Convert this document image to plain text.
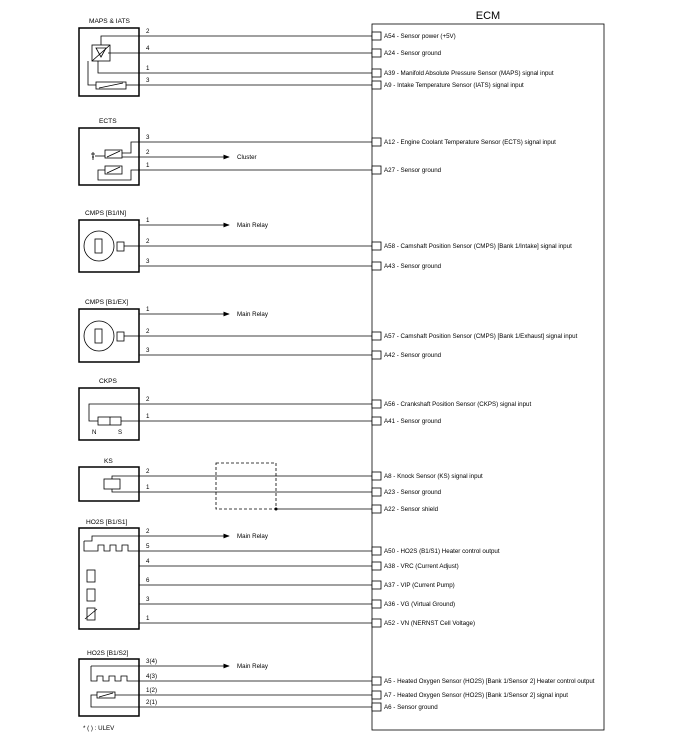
ECM
MAPS & IATS
ECTS
CMPS [B1/IN]
CMPS [B1/EX]
CKPS
N	S
KS
HO2S [B1/S1]
HO2S [B1/S2]
* ( ) : ULEV
A54 - Sensor power (+5V)
2
A24 - Sensor ground
4
A39 - Manifold Absolute Pressure Sensor (MAPS) signal input
1
A9 - Intake Temperature Sensor (IATS) signal input
3
A12 - Engine Coolant Temperature Sensor (ECTS) signal input
3
Cluster
2
A27 - Sensor ground
1
Main Relay
1
A58 - Camshaft Position Sensor (CMPS) [Bank 1/Intake] signal input
2
A43 - Sensor ground
3
Main Relay
1
A57 - Camshaft Position Sensor (CMPS) [Bank 1/Exhaust] signal input
2
A42 - Sensor ground
3
A56 - Crankshaft Position Sensor (CKPS) signal input
2
A41 - Sensor ground
1
A8 - Knock Sensor (KS) signal input
2
A23 - Sensor ground
1
A22 - Sensor shield
Main Relay
2
A50 - HO2S (B1/S1) Heater control output
5
A38 - VRC (Current Adjust)
4
A37 - VIP (Current Pump)
6
A36 - VG (Virtual Ground)
3
A52 - VN (NERNST Cell Voltage)
1
Main Relay
3(4)
A5 - Heated Oxygen Sensor (HO2S) [Bank 1/Sensor 2] Heater control output
4(3)
A7 - Heated Oxygen Sensor (HO2S) [Bank 1/Sensor 2] signal input
1(2)
A6 - Sensor ground
2(1)
